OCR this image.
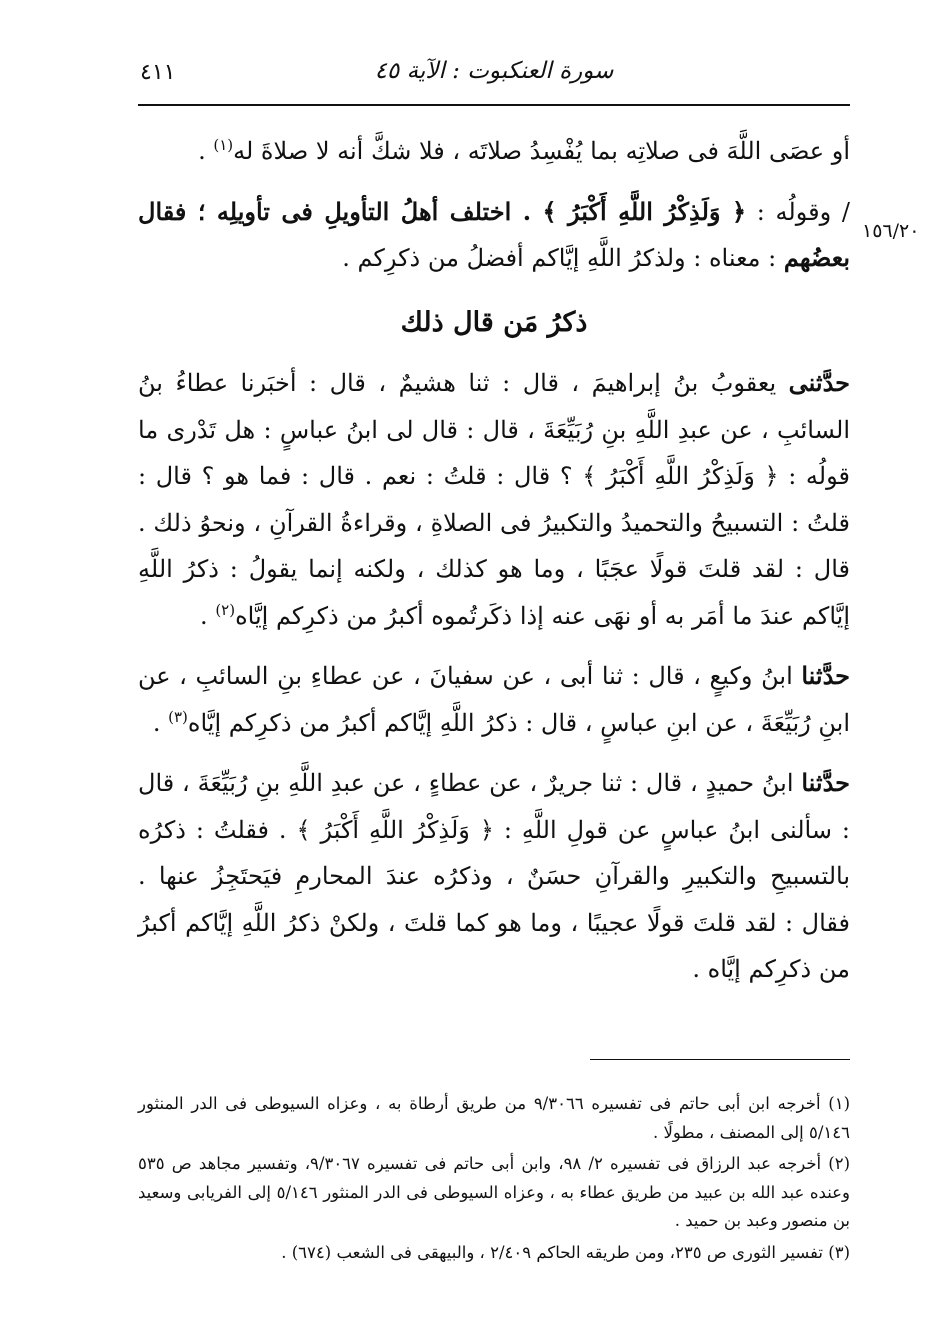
سورة العنكبوت : الآية ٤٥
٤١١
١٥٦/٢٠

أو عصَى اللَّهَ فى صلاتِه بما يُفْسِدُ صلاتَه ، فلا شكَّ أنه لا صلاةَ له$^{(١)}$ .

/ وقولُه : ﴿ وَلَذِكْرُ اللَّهِ أَكْبَرُ ﴾ . اختلف أهلُ التأويلِ فى تأويلِه ؛ فقال بعضُهم : معناه : ولذكرُ اللَّهِ إيَّاكم أفضلُ من ذكرِكم .

ذكرُ مَن قال ذلك

حدَّثنى يعقوبُ بنُ إبراهيمَ ، قال : ثنا هشيمٌ ، قال : أخبَرنا عطاءُ بنُ السائبِ ، عن عبدِ اللَّهِ بنِ رُبَيِّعَةَ ، قال : قال لى ابنُ عباسٍ : هل تَدْرى ما قولُه : ﴿ وَلَذِكْرُ اللَّهِ أَكْبَرُ ﴾ ؟ قال : قلتُ : نعم . قال : فما هو ؟ قال : قلتُ : التسبيحُ والتحميدُ والتكبيرُ فى الصلاةِ ، وقراءةُ القرآنِ ، ونحوُ ذلك . قال : لقد قلتَ قولًا عجَبًا ، وما هو كذلك ، ولكنه إنما يقولُ : ذكرُ اللَّهِ إيَّاكم عندَ ما أمَر به أو نهَى عنه إذا ذكَرتُموه أكبرُ من ذكرِكم إيَّاه$^{(٢)}$ .

حدَّثنا ابنُ وكيعٍ ، قال : ثنا أبى ، عن سفيانَ ، عن عطاءِ بنِ السائبِ ، عن ابنِ رُبَيِّعَةَ ، عن ابنِ عباسٍ ، قال : ذكرُ اللَّهِ إيَّاكم أكبرُ من ذكرِكم إيَّاه$^{(٣)}$ .

حدَّثنا ابنُ حميدٍ ، قال : ثنا جريرٌ ، عن عطاءٍ ، عن عبدِ اللَّهِ بنِ رُبَيِّعَةَ ، قال : سألنى ابنُ عباسٍ عن قولِ اللَّهِ : ﴿ وَلَذِكْرُ اللَّهِ أَكْبَرُ ﴾ . فقلتُ : ذكرُه بالتسبيحِ والتكبيرِ والقرآنِ حسَنٌ ، وذكرُه عندَ المحارمِ فيَحتَجِزُ عنها . فقال : لقد قلتَ قولًا عجيبًا ، وما هو كما قلتَ ، ولكنْ ذكرُ اللَّهِ إيَّاكم أكبرُ من ذكرِكم إيَّاه .

(١) أخرجه ابن أبى حاتم فى تفسيره ٩/٣٠٦٦ من طريق أرطاة به ، وعزاه السيوطى فى الدر المنثور ٥/١٤٦ إلى المصنف ، مطولًا .

(٢) أخرجه عبد الرزاق فى تفسيره ٢/ ٩٨، وابن أبى حاتم فى تفسيره ٩/٣٠٦٧، وتفسير مجاهد ص ٥٣٥ وعنده عبد الله بن عبيد من طريق عطاء به ، وعزاه السيوطى فى الدر المنثور ٥/١٤٦ إلى الفريابى وسعيد بن منصور وعبد بن حميد .

(٣) تفسير الثورى ص ٢٣٥، ومن طريقه الحاكم ٢/٤٠٩ ، والبيهقى فى الشعب (٦٧٤) .
